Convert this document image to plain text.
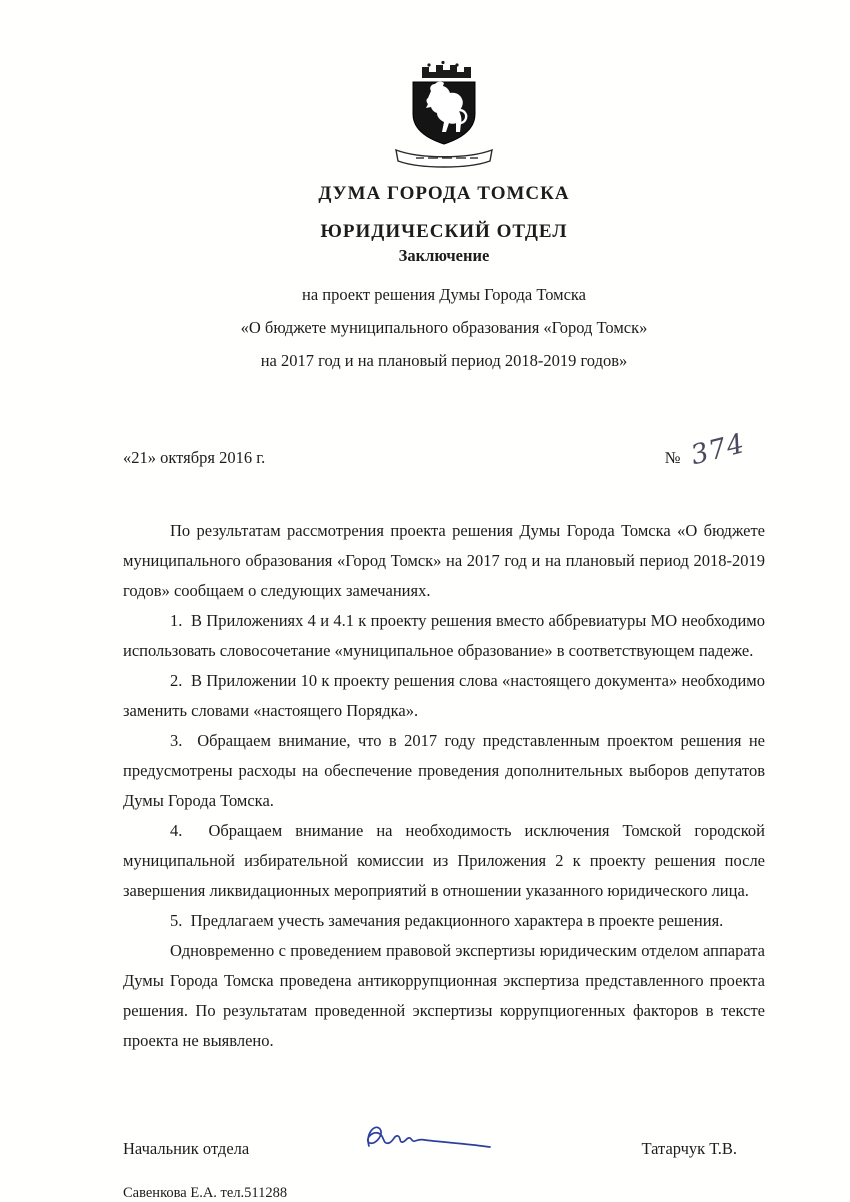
ДУМА ГОРОДА ТОМСКА
ЮРИДИЧЕСКИЙ ОТДЕЛ
Заключение
на проект решения Думы Города Томска
«О бюджете муниципального образования «Город Томск»
на 2017 год и на плановый период 2018-2019 годов»
«21» октября 2016 г.	№ 374

По результатам рассмотрения проекта решения Думы Города Томска «О бюджете муниципального образования «Город Томск» на 2017 год и на плановый период 2018-2019 годов» сообщаем о следующих замечаниях.

1.  В Приложениях 4 и 4.1 к проекту решения вместо аббревиатуры МО необходимо использовать словосочетание «муниципальное образование» в соответствующем падеже.

2.  В Приложении 10 к проекту решения слова «настоящего документа» необходимо заменить словами «настоящего Порядка».

3.  Обращаем внимание, что в 2017 году представленным проектом решения не предусмотрены расходы на обеспечение проведения дополнительных выборов депутатов Думы Города Томска.

4.  Обращаем внимание на необходимость исключения Томской городской муниципальной избирательной комиссии из Приложения 2 к проекту решения после завершения ликвидационных мероприятий в отношении указанного юридического лица.

5.  Предлагаем учесть замечания редакционного характера в проекте решения.

Одновременно с проведением правовой экспертизы юридическим отделом аппарата Думы Города Томска проведена антикоррупционная экспертиза представленного проекта решения. По результатам проведенной экспертизы коррупциогенных факторов в тексте проекта не выявлено.

Начальник отдела	Татарчук Т.В.
Савенкова Е.А. тел.511288
